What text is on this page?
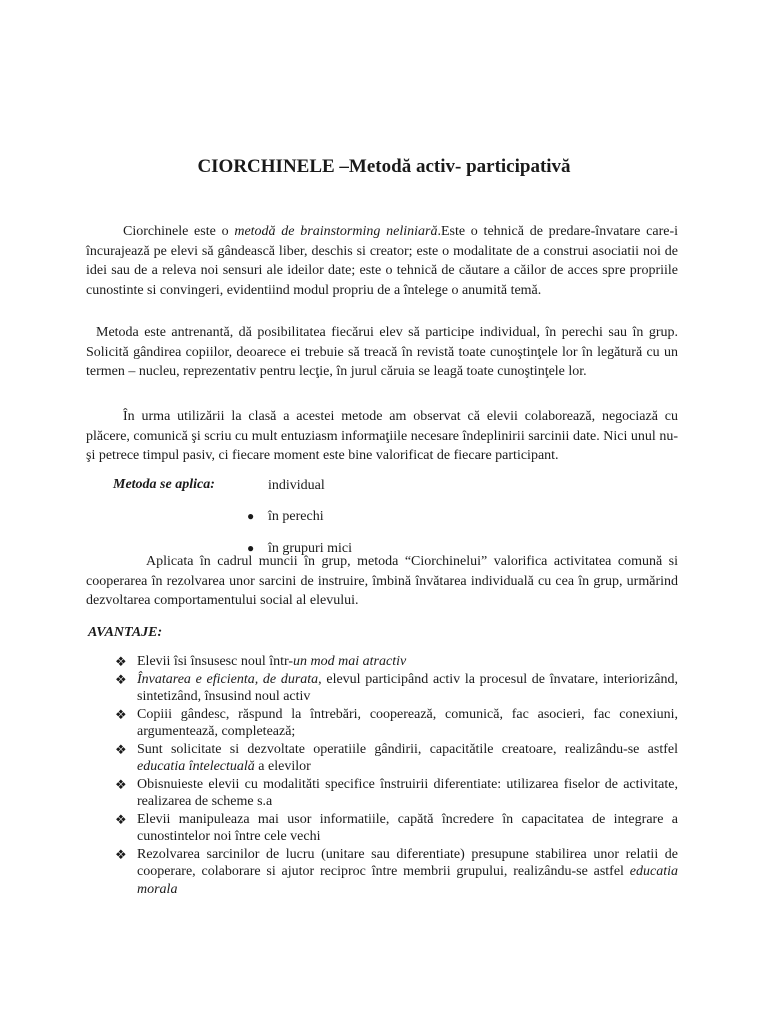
CIORCHINELE –Metodă activ- participativă

Ciorchinele este o metodă de brainstorming neliniară.Este o tehnică de predare-învatare care-i încurajează pe elevi să gândească liber, deschis si creator; este o modalitate de a construi asociatii noi de idei sau de a releva noi sensuri ale ideilor date; este o tehnică de căutare a căilor de acces spre propriile cunostinte si convingeri, evidentiind modul propriu de a întelege o anumită temă.

Metoda este antrenantă, dă posibilitatea fiecărui elev să participe individual, în perechi sau în grup. Solicită gândirea copiilor, deoarece ei trebuie să treacă în revistă toate cunoştinţele lor în legătură cu un termen – nucleu, reprezentativ pentru lecţie, în jurul căruia se leagă toate cunoştinţele lor.

În urma utilizării la clasă a acestei metode am observat că elevii colaborează, negociază cu plăcere, comunică şi scriu cu mult entuziasm informaţiile necesare îndeplinirii sarcinii date. Nici unul nu-şi petrece timpul pasiv, ci fiecare moment este bine valorificat de fiecare participant.

Metoda se aplica:	individual
● în perechi
● în grupuri mici

Aplicata în cadrul muncii în grup, metoda “Ciorchinelui” valorifica activitatea comună si cooperarea în rezolvarea unor sarcini de instruire, îmbină învătarea individuală cu cea în grup, urmărind dezvoltarea comportamentului social al elevului.

AVANTAJE:
❖ Elevii îsi însusesc noul într-un mod mai atractiv
❖ Învatarea e eficienta, de durata, elevul participând activ la procesul de învatare, interiorizând, sintetizând, însusind noul activ
❖ Copiii gândesc, răspund la întrebări, cooperează, comunică, fac asocieri, fac conexiuni, argumentează, completează;
❖ Sunt solicitate si dezvoltate operatiile gândirii, capacitătile creatoare, realizându-se astfel educatia întelectuală a elevilor
❖ Obisnuieste elevii cu modalităti specifice înstruirii diferentiate: utilizarea fiselor de activitate, realizarea de scheme s.a
❖ Elevii manipuleaza mai usor informatiile, capătă încredere în capacitatea de integrare a cunostintelor noi între cele vechi
❖ Rezolvarea sarcinilor de lucru (unitare sau diferentiate) presupune stabilirea unor relatii de cooperare, colaborare si ajutor reciproc între membrii grupului, realizându-se astfel educatia morala
